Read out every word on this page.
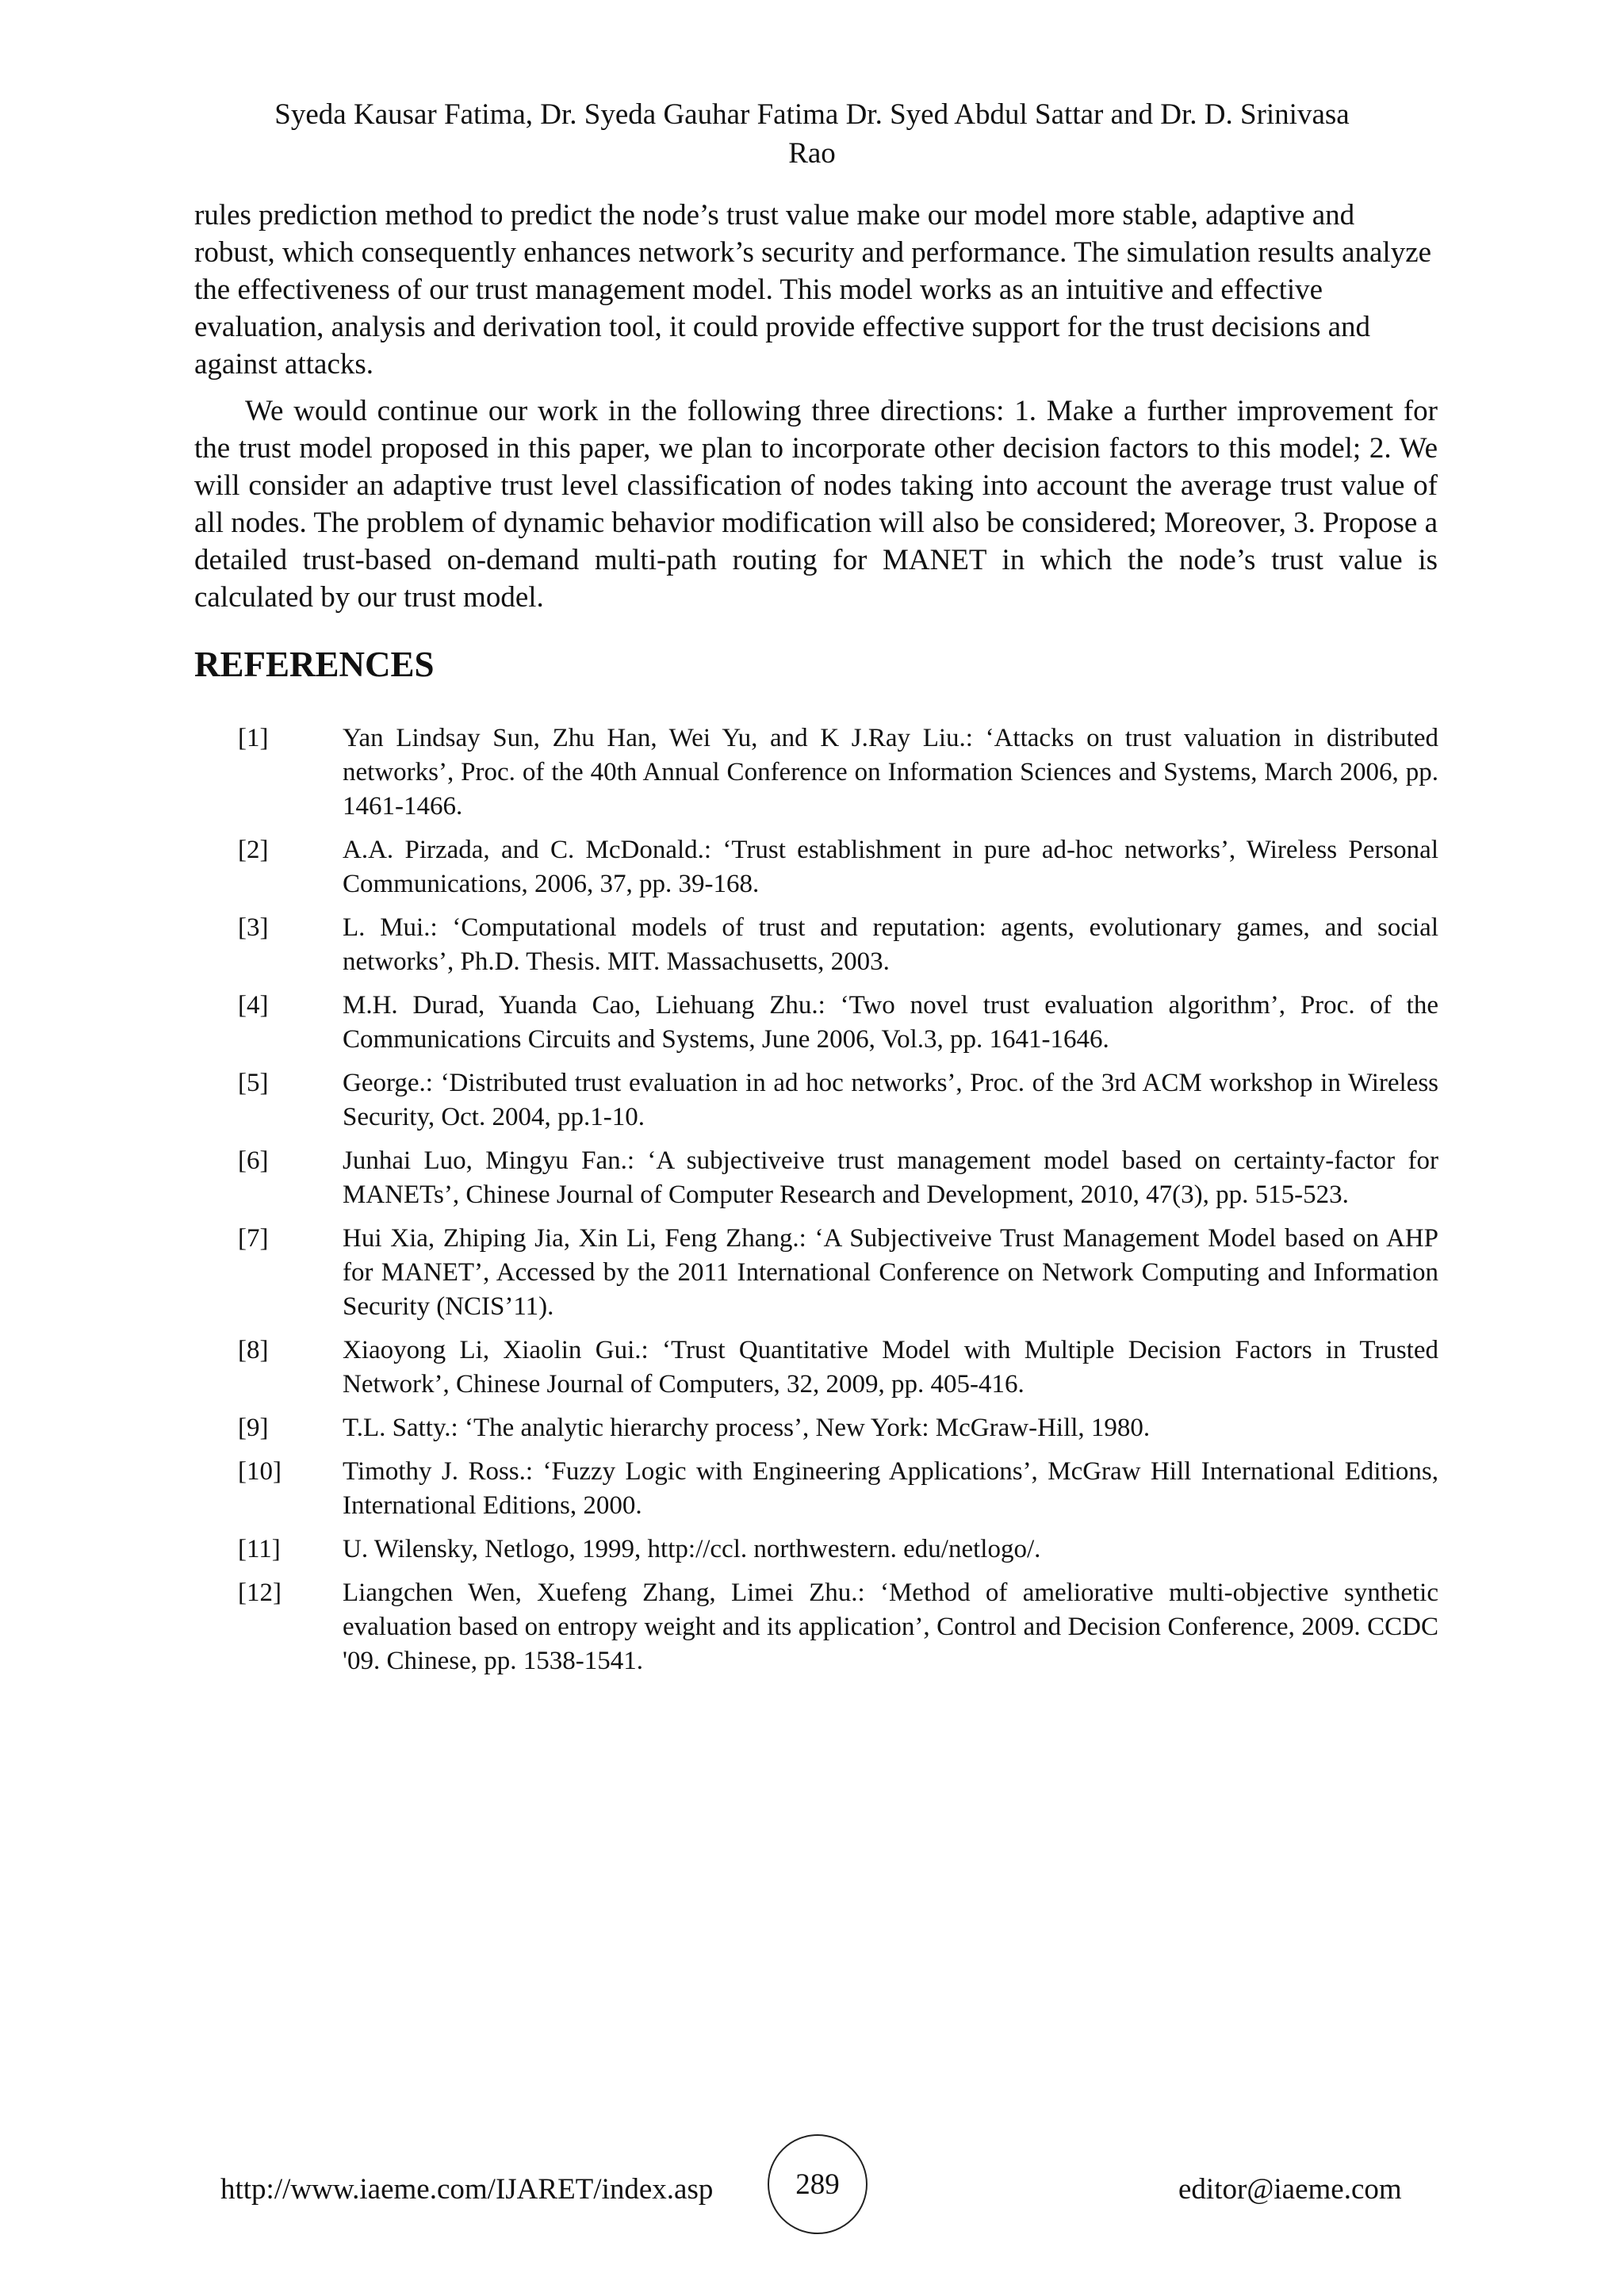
Syeda Kausar Fatima, Dr. Syeda Gauhar Fatima Dr. Syed Abdul Sattar and Dr. D. Srinivasa
Rao

rules prediction method to predict the node’s trust value make our model more stable, adaptive and robust, which consequently enhances network’s security and performance. The simulation results analyze the effectiveness of our trust management model. This model works as an intuitive and effective evaluation, analysis and derivation tool, it could provide effective support for the trust decisions and against attacks.

We would continue our work in the following three directions: 1. Make a further improvement for the trust model proposed in this paper, we plan to incorporate other decision factors to this model; 2. We will consider an adaptive trust level classification of nodes taking into account the average trust value of all nodes. The problem of dynamic behavior modification will also be considered; Moreover, 3. Propose a detailed trust-based on-demand multi-path routing for MANET in which the node’s trust value is calculated by our trust model.

REFERENCES
[1]	Yan Lindsay Sun, Zhu Han, Wei Yu, and K J.Ray Liu.: ‘Attacks on trust valuation in distributed networks’, Proc. of the 40th Annual Conference on Information Sciences and Systems, March 2006, pp. 1461-1466.
[2]	A.A. Pirzada, and C. McDonald.: ‘Trust establishment in pure ad-hoc networks’, Wireless Personal Communications, 2006, 37, pp. 39-168.
[3]	L. Mui.: ‘Computational models of trust and reputation: agents, evolutionary games, and social networks’, Ph.D. Thesis. MIT. Massachusetts, 2003.
[4]	M.H. Durad, Yuanda Cao, Liehuang Zhu.: ‘Two novel trust evaluation algorithm’, Proc. of the Communications Circuits and Systems, June 2006, Vol.3, pp. 1641-1646.
[5]	George.: ‘Distributed trust evaluation in ad hoc networks’, Proc. of the 3rd ACM workshop in Wireless Security, Oct. 2004, pp.1-10.
[6]	Junhai Luo, Mingyu Fan.: ‘A subjectiveive trust management model based on certainty-factor for MANETs’, Chinese Journal of Computer Research and Development, 2010, 47(3), pp. 515-523.
[7]	Hui Xia, Zhiping Jia, Xin Li, Feng Zhang.: ‘A Subjectiveive Trust Management Model based on AHP for MANET’, Accessed by the 2011 International Conference on Network Computing and Information Security (NCIS’11).
[8]	Xiaoyong Li, Xiaolin Gui.: ‘Trust Quantitative Model with Multiple Decision Factors in Trusted Network’, Chinese Journal of Computers, 32, 2009, pp. 405-416.
[9]	T.L. Satty.: ‘The analytic hierarchy process’, New York: McGraw-Hill, 1980.
[10]	Timothy J. Ross.: ‘Fuzzy Logic with Engineering Applications’, McGraw Hill International Editions, International Editions, 2000.
[11]	U. Wilensky, Netlogo, 1999, http://ccl. northwestern. edu/netlogo/.
[12]	Liangchen Wen, Xuefeng Zhang, Limei Zhu.: ‘Method of ameliorative multi-objective synthetic evaluation based on entropy weight and its application’, Control and Decision Conference, 2009. CCDC '09. Chinese, pp. 1538-1541.
http://www.iaeme.com/IJARET/index.asp	289	editor@iaeme.com
